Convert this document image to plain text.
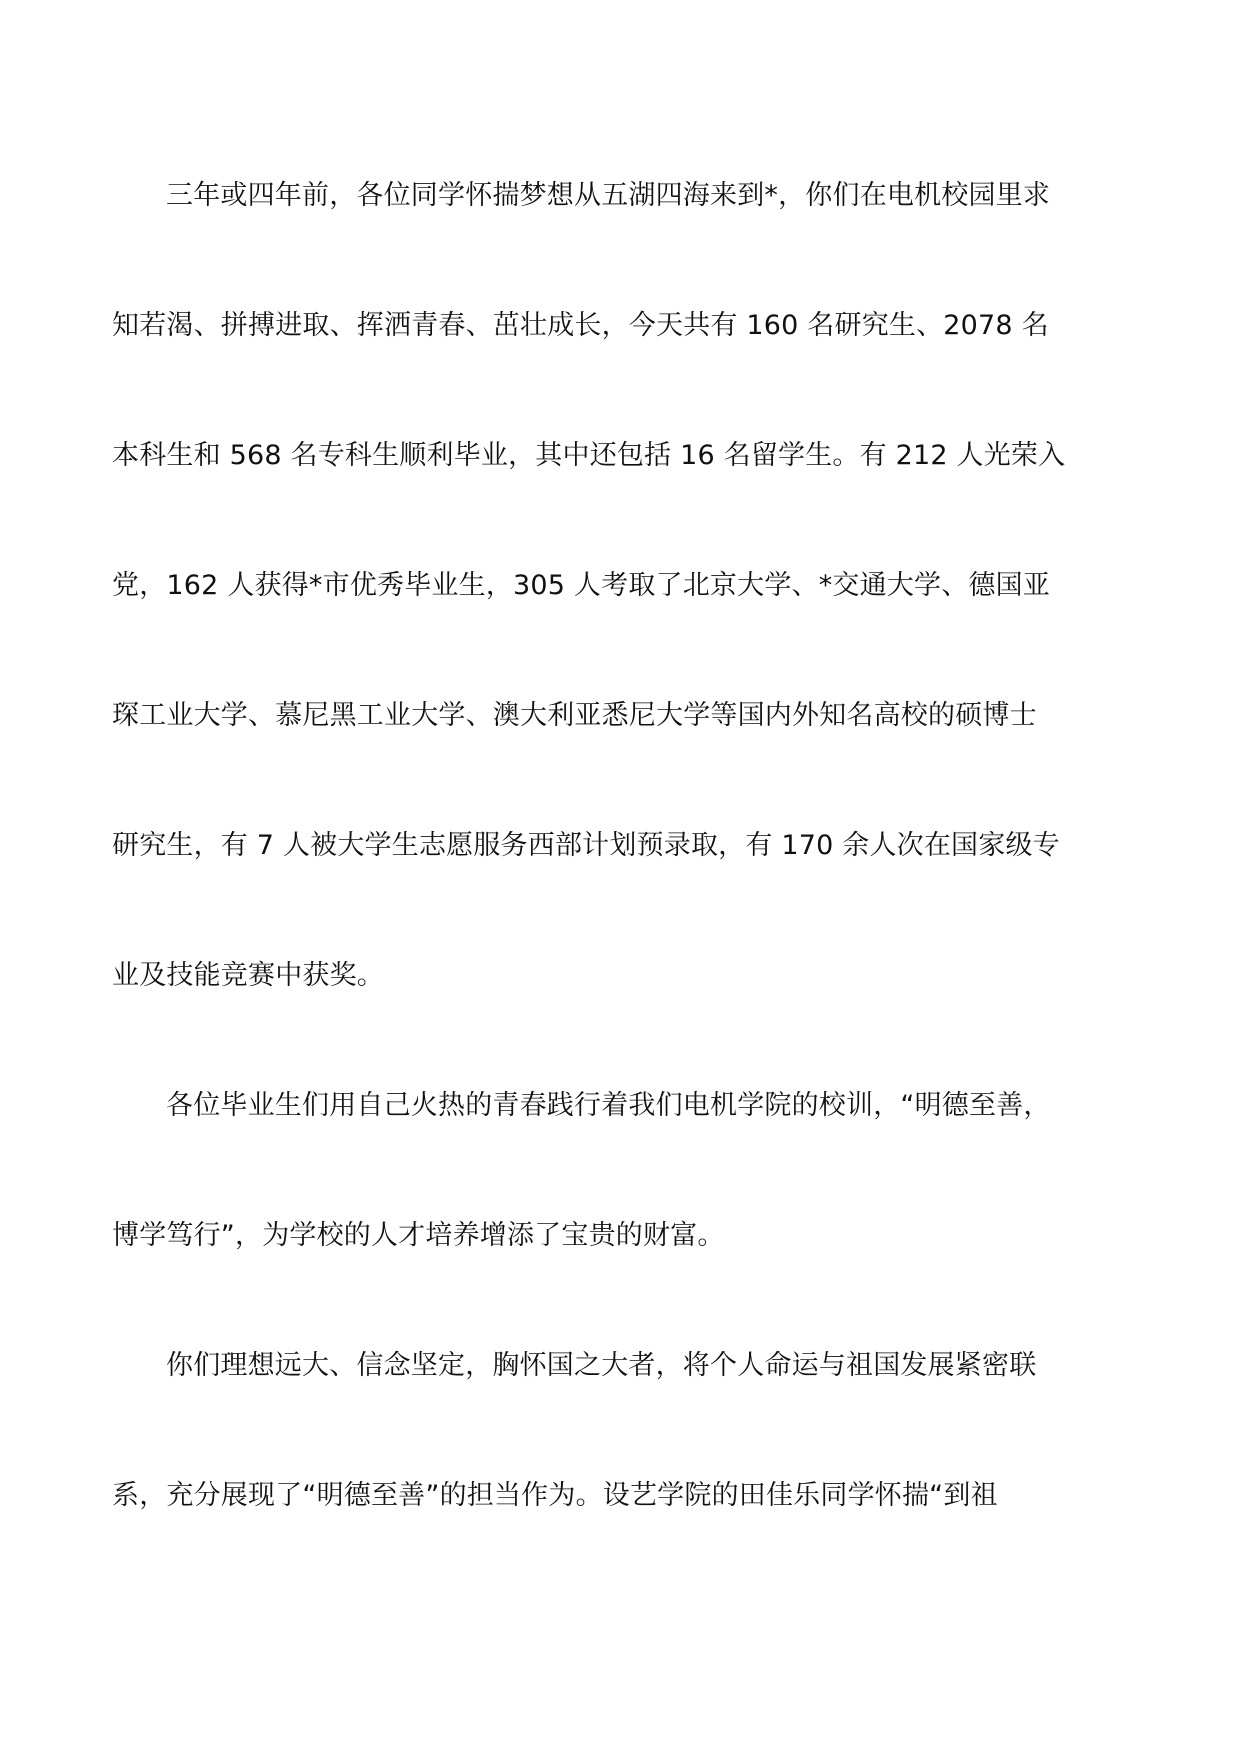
三年或四年前，各位同学怀揣梦想从五湖四海来到*，你们在电机校园里求
知若渴、拼搏进取、挥洒青春、茁壮成长，今天共有 160 名研究生、2078 名
本科生和 568 名专科生顺利毕业，其中还包括 16 名留学生。有 212 人光荣入
党，162 人获得*市优秀毕业生，305 人考取了北京大学、*交通大学、德国亚
琛工业大学、慕尼黑工业大学、澳大利亚悉尼大学等国内外知名高校的硕博士
研究生，有 7 人被大学生志愿服务西部计划预录取，有 170 余人次在国家级专
业及技能竞赛中获奖。
各位毕业生们用自己火热的青春践行着我们电机学院的校训，“明德至善，
博学笃行”，为学校的人才培养增添了宝贵的财富。
你们理想远大、信念坚定，胸怀国之大者，将个人命运与祖国发展紧密联
系，充分展现了“明德至善”的担当作为。设艺学院的田佳乐同学怀揣“到祖
